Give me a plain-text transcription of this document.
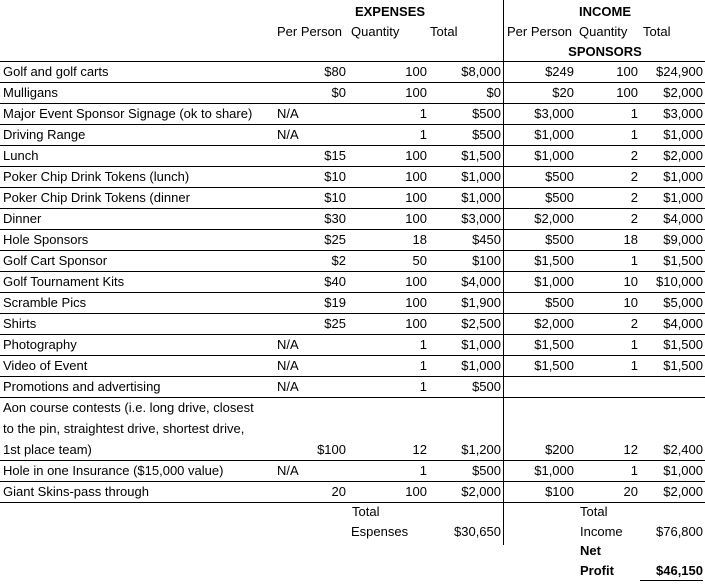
EXPENSES	INCOME
Per Person Quantity Total	Per Person Quantity Total
SPONSORS
Golf and golf carts	$80	100	$8,000	$249	100	$24,900
Mulligans	$0	100	$0	$20	100	$2,000
Major Event Sponsor Signage (ok to share)	N/A	1	$500	$3,000	1	$3,000
Driving Range	N/A	1	$500	$1,000	1	$1,000
Lunch	$15	100	$1,500	$1,000	2	$2,000
Poker Chip Drink Tokens (lunch)	$10	100	$1,000	$500	2	$1,000
Poker Chip Drink Tokens (dinner	$10	100	$1,000	$500	2	$1,000
Dinner	$30	100	$3,000	$2,000	2	$4,000
Hole Sponsors	$25	18	$450	$500	18	$9,000
Golf Cart Sponsor	$2	50	$100	$1,500	1	$1,500
Golf Tournament Kits	$40	100	$4,000	$1,000	10	$10,000
Scramble Pics	$19	100	$1,900	$500	10	$5,000
Shirts	$25	100	$2,500	$2,000	2	$4,000
Photography	N/A	1	$1,000	$1,500	1	$1,500
Video of Event	N/A	1	$1,000	$1,500	1	$1,500
Promotions and advertising	N/A	1	$500
Aon course contests (i.e. long drive, closest
to the pin, straightest drive, shortest drive,
1st place team)	$100	12	$1,200	$200	12	$2,400
Hole in one Insurance ($15,000 value)	N/A	1	$500	$1,000	1	$1,000
Giant Skins-pass through	20	100	$2,000	$100	20	$2,000
Total
Espenses	$30,650
Total
Income	$76,800
Net
Profit	$46,150
